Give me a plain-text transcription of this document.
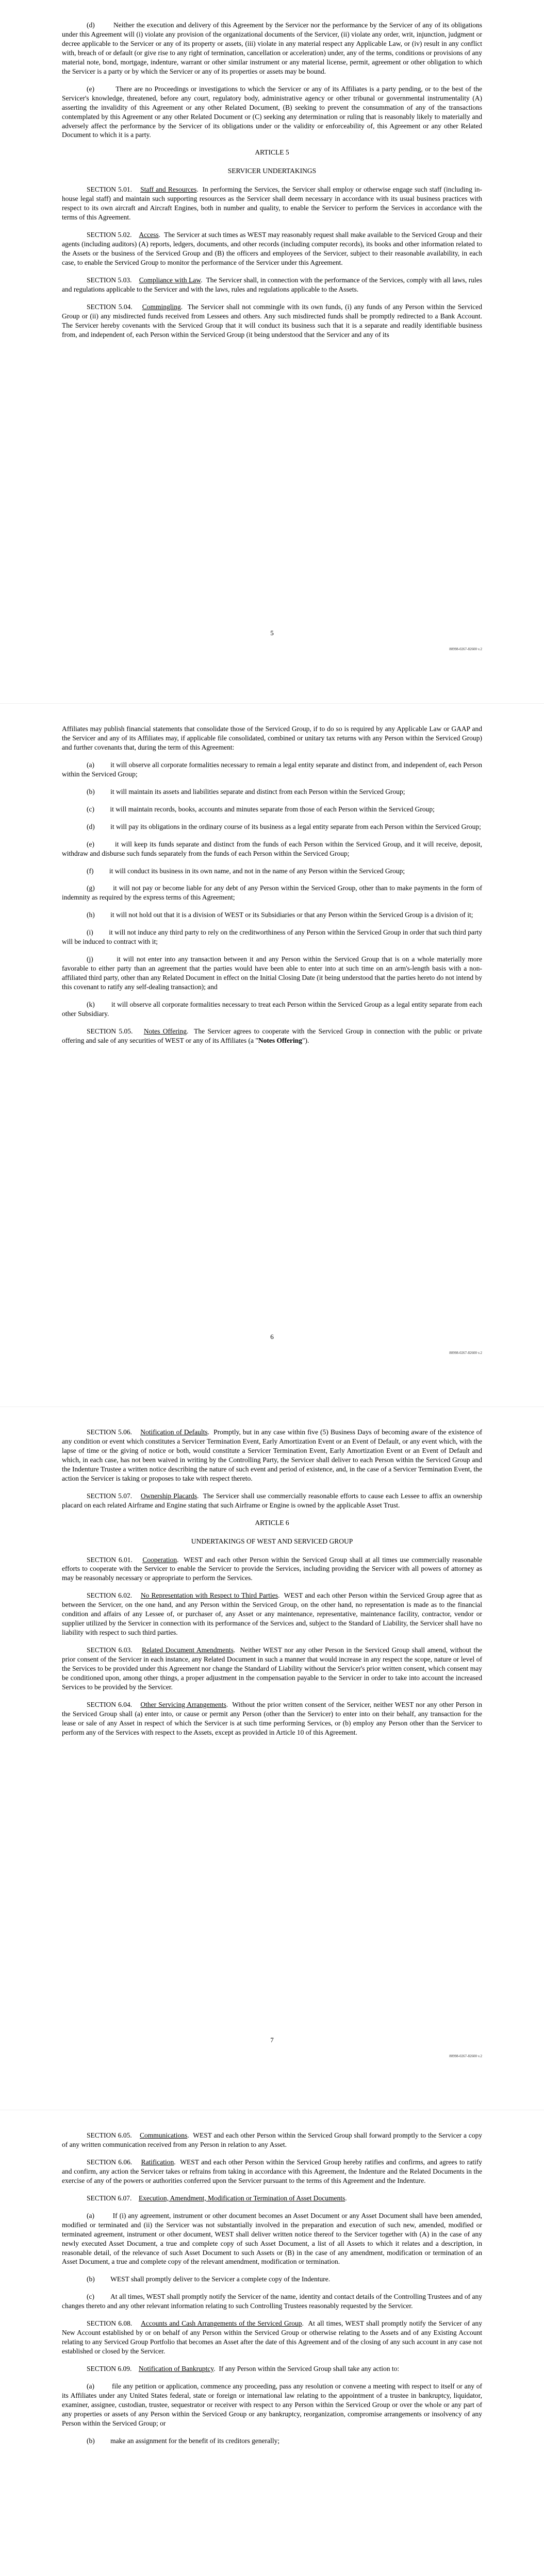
(d)	Neither the execution and delivery of this Agreement by the Servicer nor the performance by the Servicer of any of its obligations under this Agreement will (i) violate any provision of the organizational documents of the Servicer, (ii) violate any order, writ, injunction, judgment or decree applicable to the Servicer or any of its property or assets, (iii) violate in any material respect any Applicable Law, or (iv) result in any conflict with, breach of or default (or give rise to any right of termination, cancellation or acceleration) under, any of the terms, conditions or provisions of any material note, bond, mortgage, indenture, warrant or other similar instrument or any material license, permit, agreement or other obligation to which the Servicer is a party or by which the Servicer or any of its properties or assets may be bound.

(e)	There are no Proceedings or investigations to which the Servicer or any of its Affiliates is a party pending, or to the best of the Servicer's knowledge, threatened, before any court, regulatory body, administrative agency or other tribunal or governmental instrumentality (A) asserting the invalidity of this Agreement or any other Related Document, (B) seeking to prevent the consummation of any of the transactions contemplated by this Agreement or any other Related Document or (C) seeking any determination or ruling that is reasonably likely to materially and adversely affect the performance by the Servicer of its obligations under or the validity or enforceability of, this Agreement or any other Related Document to which it is a party.

ARTICLE 5

SERVICER UNDERTAKINGS

SECTION 5.01. Staff and Resources.  In performing the Services, the Servicer shall employ or otherwise engage such staff (including in-house legal staff) and maintain such supporting resources as the Servicer shall deem necessary in accordance with its usual business practices with respect to its own aircraft and Aircraft Engines, both in number and quality, to enable the Servicer to perform the Services in accordance with the terms of this Agreement.

SECTION 5.02. Access.  The Servicer at such times as WEST may reasonably request shall make available to the Serviced Group and their agents (including auditors) (A) reports, ledgers, documents, and other records (including computer records), its books and other information related to the Assets or the business of the Serviced Group and (B) the officers and employees of the Servicer, subject to their reasonable availability, in each case, to enable the Serviced Group to monitor the performance of the Servicer under this Agreement.

SECTION 5.03. Compliance with Law.  The Servicer shall, in connection with the performance of the Services, comply with all laws, rules and regulations applicable to the Servicer and with the laws, rules and regulations applicable to the Assets.

SECTION 5.04. Commingling.  The Servicer shall not commingle with its own funds, (i) any funds of any Person within the Serviced Group or (ii) any misdirected funds received from Lessees and others. Any such misdirected funds shall be promptly redirected to a Bank Account. The Servicer hereby covenants with the Serviced Group that it will conduct its business such that it is a separate and readily identifiable business from, and independent of, each Person within the Serviced Group (it being understood that the Servicer and any of its

5
80998-0267-82600 v.2

Affiliates may publish financial statements that consolidate those of the Serviced Group, if to do so is required by any Applicable Law or GAAP and the Servicer and any of its Affiliates may, if applicable file consolidated, combined or unitary tax returns with any Person within the Serviced Group) and further covenants that, during the term of this Agreement:

(a) it will observe all corporate formalities necessary to remain a legal entity separate and distinct from, and independent of, each Person within the Serviced Group;

(b) it will maintain its assets and liabilities separate and distinct from each Person within the Serviced Group;

(c) it will maintain records, books, accounts and minutes separate from those of each Person within the Serviced Group;

(d) it will pay its obligations in the ordinary course of its business as a legal entity separate from each Person within the Serviced Group;

(e)	it will keep its funds separate and distinct from the funds of each Person within the Serviced Group, and it will receive, deposit, withdraw and disburse such funds separately from the funds of each Person within the Serviced Group;

(f) it will conduct its business in its own name, and not in the name of any Person within the Serviced Group;

(g)	it will not pay or become liable for any debt of any Person within the Serviced Group, other than to make payments in the form of indemnity as required by the express terms of this Agreement;

(h) it will not hold out that it is a division of WEST or its Subsidiaries or that any Person within the Serviced Group is a division of it;

(i) it will not induce any third party to rely on the creditworthiness of any Person within the Serviced Group in order that such third party will be induced to contract with it;

(j)	it will not enter into any transaction between it and any Person within the Serviced Group that is on a whole materially more favorable to either party than an agreement that the parties would have been able to enter into at such time on an arm's-length basis with a non-affiliated third party, other than any Related Document in effect on the Initial Closing Date (it being understood that the parties hereto do not intend by this covenant to ratify any self-dealing transaction); and

(k) it will observe all corporate formalities necessary to treat each Person within the Serviced Group as a legal entity separate from each other Subsidiary.

SECTION 5.05. Notes Offering.  The Servicer agrees to cooperate with the Serviced Group in connection with the public or private offering and sale of any securities of WEST or any of its Affiliates (a "Notes Offering").

6
80998-0267-82600 v.2

SECTION 5.06. Notification of Defaults.  Promptly, but in any case within five (5) Business Days of becoming aware of the existence of any condition or event which constitutes a Servicer Termination Event, Early Amortization Event or an Event of Default, or any event which, with the lapse of time or the giving of notice or both, would constitute a Servicer Termination Event, Early Amortization Event or an Event of Default and which, in each case, has not been waived in writing by the Controlling Party, the Servicer shall deliver to each Person within the Serviced Group and the Indenture Trustee a written notice describing the nature of such event and period of existence, and, in the case of a Servicer Termination Event, the action the Servicer is taking or proposes to take with respect thereto.

SECTION 5.07. Ownership Placards.  The Servicer shall use commercially reasonable efforts to cause each Lessee to affix an ownership placard on each related Airframe and Engine stating that such Airframe or Engine is owned by the applicable Asset Trust.

ARTICLE 6

UNDERTAKINGS OF WEST AND SERVICED GROUP

SECTION 6.01. Cooperation.  WEST and each other Person within the Serviced Group shall at all times use commercially reasonable efforts to cooperate with the Servicer to enable the Servicer to provide the Services, including providing the Servicer with all powers of attorney as may be reasonably necessary or appropriate to perform the Services.

SECTION 6.02. No Representation with Respect to Third Parties.  WEST and each other Person within the Serviced Group agree that as between the Servicer, on the one hand, and any Person within the Serviced Group, on the other hand, no representation is made as to the financial condition and affairs of any Lessee of, or purchaser of, any Asset or any maintenance, representative, maintenance facility, contractor, vendor or supplier utilized by the Servicer in connection with its performance of the Services and, subject to the Standard of Liability, the Servicer shall have no liability with respect to such third parties.

SECTION 6.03. Related Document Amendments.  Neither WEST nor any other Person in the Serviced Group shall amend, without the prior consent of the Servicer in each instance, any Related Document in such a manner that would increase in any respect the scope, nature or level of the Services to be provided under this Agreement nor change the Standard of Liability without the Servicer's prior written consent, which consent may be conditioned upon, among other things, a proper adjustment in the compensation payable to the Servicer in order to take into account the increased Services to be provided by the Servicer.

SECTION 6.04. Other Servicing Arrangements.  Without the prior written consent of the Servicer, neither WEST nor any other Person in the Serviced Group shall (a) enter into, or cause or permit any Person (other than the Servicer) to enter into on their behalf, any transaction for the lease or sale of any Asset in respect of which the Servicer is at such time performing Services, or (b) employ any Person other than the Servicer to perform any of the Services with respect to the Assets, except as provided in Article 10 of this Agreement.

7
80998-0267-82600 v.2

SECTION 6.05. Communications.  WEST and each other Person within the Serviced Group shall forward promptly to the Servicer a copy of any written communication received from any Person in relation to any Asset.

SECTION 6.06. Ratification.  WEST and each other Person within the Serviced Group hereby ratifies and confirms, and agrees to ratify and confirm, any action the Servicer takes or refrains from taking in accordance with this Agreement, the Indenture and the Related Documents in the exercise of any of the powers or authorities conferred upon the Servicer pursuant to the terms of this Agreement and the Indenture.

SECTION 6.07. Execution, Amendment, Modification or Termination of Asset Documents.

(a)	If (i) any agreement, instrument or other document becomes an Asset Document or any Asset Document shall have been amended, modified or terminated and (ii) the Servicer was not substantially involved in the preparation and execution of such new, amended, modified or terminated agreement, instrument or other document, WEST shall deliver written notice thereof to the Servicer together with (A) in the case of any newly executed Asset Document, a true and complete copy of such Asset Document, a list of all Assets to which it relates and a description, in reasonable detail, of the relevance of such Asset Document to such Assets or (B) in the case of any amendment, modification or termination of an Asset Document, a true and complete copy of the relevant amendment, modification or termination.

(b) WEST shall promptly deliver to the Servicer a complete copy of the Indenture.

(c) At all times, WEST shall promptly notify the Servicer of the name, identity and contact details of the Controlling Trustees and of any changes thereto and any other relevant information relating to such Controlling Trustees reasonably requested by the Servicer.

SECTION 6.08. Accounts and Cash Arrangements of the Serviced Group.  At all times, WEST shall promptly notify the Servicer of any New Account established by or on behalf of any Person within the Serviced Group or otherwise relating to the Assets and of any Existing Account relating to any Serviced Group Portfolio that becomes an Asset after the date of this Agreement and of the closing of any such account in any case not established or closed by the Servicer.

SECTION 6.09. Notification of Bankruptcy.  If any Person within the Serviced Group shall take any action to:

(a)	file any petition or application, commence any proceeding, pass any resolution or convene a meeting with respect to itself or any of its Affiliates under any United States federal, state or foreign or international law relating to the appointment of a trustee in bankruptcy, liquidator, examiner, assignee, custodian, trustee, sequestrator or receiver with respect to any Person within the Serviced Group or over the whole or any part of any properties or assets of any Person within the Serviced Group or any bankruptcy, reorganization, compromise arrangements or insolvency of any Person within the Serviced Group; or

(b) make an assignment for the benefit of its creditors generally;
